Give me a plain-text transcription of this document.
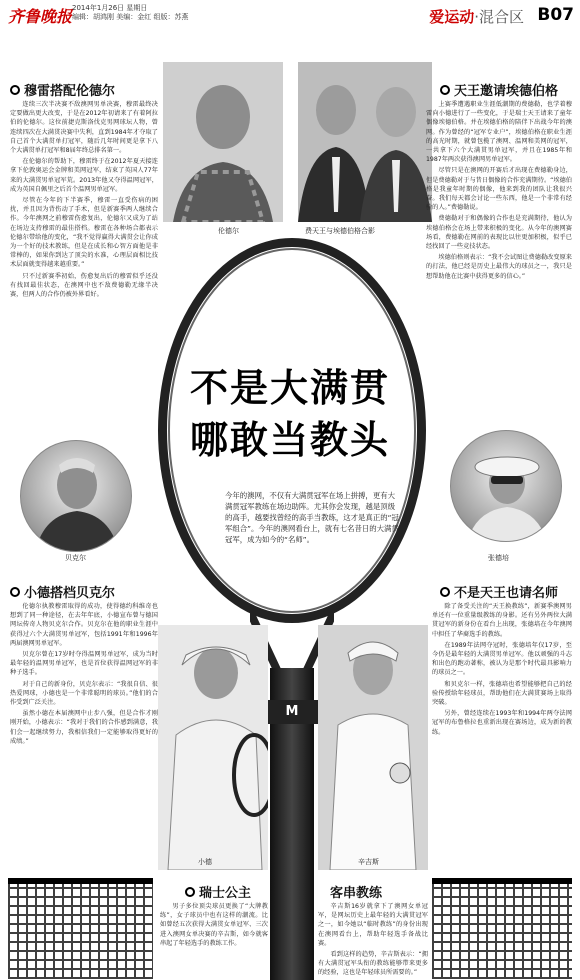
齐鲁晚报 2014年1月26日 星期日
编辑：胡鸿刚 美编：金红 组版：苏燕	爱运动·混合区 B07
穆雷搭配伦德尔

连续三次半决赛不敌澳网男单决赛，穆雷最终决定要做出更大改变，于是在2012年初请来了有着阿拉伯的伦德尔。这位前捷克斯洛伐克男网球坛人物，曾连续四次在大满贯决赛中失利，直到1984年才夺取了自己首个大满贯单打冠军，随后几年时间更是拿下八个大满贯单打冠军和8届年终总排名第一。

在伦德尔的帮助下，穆雷终于在2012年夏天接连拿下伦敦奥运会金牌和美网冠军，结束了英国人77年来的大满贯男单冠军荒。2013年他又夺得温网冠军，成为英国自佩里之后首个温网男单冠军。

尽管在今年的下半赛季，穆雷一直受伤病的困扰，并且因为背伤动了手术，但是新赛季两人继续合作。今年澳网之前穆雷伤愈复出，伦德尔又成为了站在场边支持穆雷的最佳搭档。穆雷在各种场合都表示伦德尔带给他的变化，“我不觉得赢得大满贯会让你成为一个好的技术教练，但是在成长和心智方面他是非常棒的，如果你到达了顶尖的水准，心理层面相比技术层面就变得越来越重要。”

只不过新赛季初始，伤愈复出后的穆雷似乎还没有找回最佳状态，在澳网中也不敌费德勒无缘半决赛，但两人的合作仍被外界看好。

伦德尔	费天王与埃德伯格合影
天王邀请埃德伯格

上赛季遭遇职业生涯低潮期的费德勒，也学着穆雷向小德进行了一些变化，于是瑞士天王请来了童年偶像埃德伯格。并在埃德伯格的陪伴下出战今年的澳网。作为曾经的“冠军专业户”，埃德伯格在职业生涯的高光时期，就曾包揽了澳网、温网和美网的冠军，一共拿下六个大满贯男单冠军，并且在1985年和1987年两次获得澳网男单冠军。

尽管只是在澳网的开赛后才出现在费德勒身边，但是费德勒对于与昔日偶像的合作充满期待。“埃德伯格是我童年时期的偶像，他来到我的团队让我很兴奋。我们每天都会讨论一些东西，他是一个非常有经验的人。”费德勒说。

费德勒对于和偶像的合作也是充满期待，他认为埃德伯格会在场上带来积极的变化。从今年的澳网赛场看，费德勒在网前的表现比以往更加积极，似乎已经找回了一些竞技状态。

埃德伯格则表示：“我不会试图让费德勒改变原来的打法，他已经是历史上最伟大的球员之一，我只是想帮助他在比赛中获得更多的信心。”

M
不是大满贯
哪敢当教头
今年的澳网，不仅有大满贯冠军在场上拼搏，更有大满贯冠军教练在场边助阵。尤其你会发现，越是顶级的高手，越要找曾经的高手当教练，这才是真正的“冠军组合”。今年的澳网看台上，就有七名昔日的大满贯冠军，成为如今的“名师”。
贝克尔	张德培
小德搭档贝克尔

伦德尔执教穆雷取得的成功，使得德约科维奇也想到了同一种途径，在去年年底，小德宣布曾与德国网坛传奇人物贝克尔合作。贝克尔在他的职业生涯中获得过六个大满贯男单冠军，包括1991年和1996年两届澳网男单冠军。

贝克尔曾在17岁时夺得温网男单冠军，成为当时最年轻的温网男单冠军，也是首位获得温网冠军的非种子选手。

对于自己的新身份，贝克尔表示：“我很自信、很热爱网球，小德也是一个非常聪明的球员。”他们的合作受到广泛关注。

虽然小德在本届澳网中止步八强，但是合作才刚刚开始，小德表示：“我对于我们的合作感到满意，我们会一起继续努力，我相信我们一定能够取得更好的成绩。”

不是天王也请名师

除了备受关注的“天王换教练”，新赛季澳网男单还有一位重量级教练的身影。还有另外两位大满贯冠军的新身份在看台上出现，张德培在今年澳网中担任了华裔选手的教练。

在1989年法网夺冠时，张德培年仅17岁，至今仍是最年轻的大满贯男单冠军。他以顽强的斗志和出色的跑动著称，被认为是那个时代最具影响力的球员之一。

和贝克尔一样，张德培也希望能够把自己的经验传授给年轻球员，帮助他们在大满贯赛场上取得突破。

另外，曾经连续在1993年和1994年两夺法网冠军的布鲁格拉也重新出现在赛场边，成为新的教练。

小德	辛吉斯
瑞士公主	客串教练

男子多位顶尖球员更换了“大牌教练”，女子球员中也有这样的潮流。比如曾经五次获得大满贯女单冠军、三次进入澳网女单决赛的辛吉斯，如今就客串起了年轻选手的教练工作。

辛吉斯16岁就拿下了澳网女单冠军，是网坛历史上最年轻的大满贯冠军之一，如今她以“临时教练”的身份出现在澳网看台上，帮助年轻选手备战比赛。

看到这样的趋势，辛吉斯表示：“拥有大满贯冠军头衔的教练能够带来更多的经验，这也是年轻球员所需要的。”
